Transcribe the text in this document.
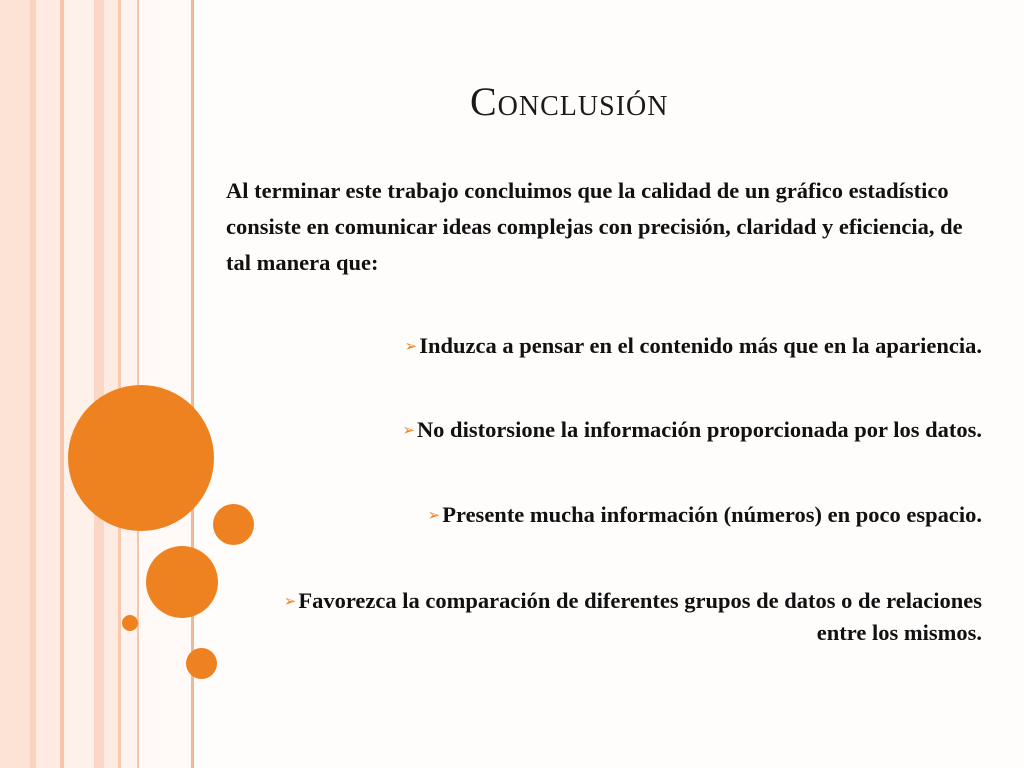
Conclusión
Al terminar este trabajo concluimos que la calidad de un gráfico estadístico consiste en comunicar ideas complejas con precisión, claridad y eficiencia, de tal manera que:
➢Induzca a pensar en el contenido más que en la apariencia.
➢No distorsione la información proporcionada por los datos.
➢Presente mucha información (números) en poco espacio.
➢Favorezca la comparación de diferentes grupos de datos o de relaciones entre los mismos.
